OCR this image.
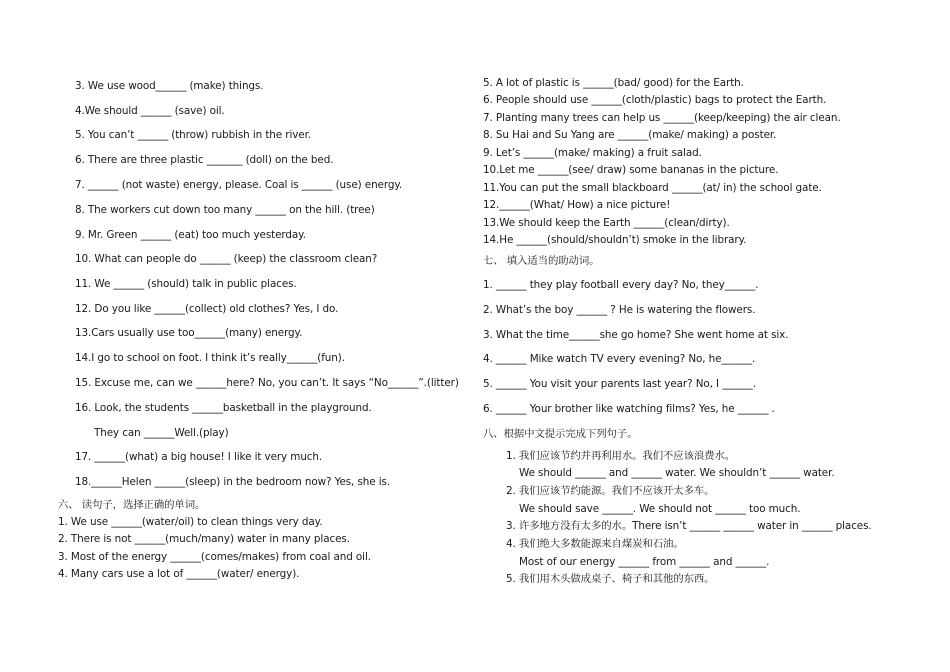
3. We use wood______ (make) things.
4.We should ______ (save) oil.
5. You can’t ______ (throw) rubbish in the river.
6. There are three plastic _______ (doll) on the bed.
7. ______ (not waste) energy, please. Coal is ______ (use) energy.
8. The workers cut down too many ______ on the hill. (tree)
9. Mr. Green ______ (eat) too much yesterday.
10. What can people do ______ (keep) the classroom clean?
11. We ______ (should) talk in public places.
12. Do you like ______(collect) old clothes? Yes, I do.
13.Cars usually use too______(many) energy.
14.I go to school on foot. I think it’s really______(fun).
15. Excuse me, can we ______here? No, you can’t. It says “No______”.(litter)
16. Look, the students ______basketball in the playground.
They can ______Well.(play)
17. ______(what) a big house! I like it very much.
18.______Helen ______(sleep) in the bedroom now? Yes, she is.
六、 读句子，选择正确的单词。
1. We use ______(water/oil) to clean things very day.
2. There is not ______(much/many) water in many places.
3. Most of the energy ______(comes/makes) from coal and oil.
4. Many cars use a lot of ______(water/ energy).
5. A lot of plastic is ______(bad/ good) for the Earth.
6. People should use ______(cloth/plastic) bags to protect the Earth.
7. Planting many trees can help us ______(keep/keeping) the air clean.
8. Su Hai and Su Yang are ______(make/ making) a poster.
9. Let’s ______(make/ making) a fruit salad.
10.Let me ______(see/ draw) some bananas in the picture.
11.You can put the small blackboard ______(at/ in) the school gate.
12.______(What/ How) a nice picture!
13.We should keep the Earth ______(clean/dirty).
14.He ______(should/shouldn’t) smoke in the library.
七、 填入适当的助动词。
1. ______ they play football every day? No, they______.
2. What’s the boy ______ ? He is watering the flowers.
3. What the time______she go home? She went home at six.
4. ______ Mike watch TV every evening? No, he______.
5. ______ You visit your parents last year? No, I ______.
6. ______ Your brother like watching films? Yes, he ______ .
八、根据中文提示完成下列句子。
1. 我们应该节约并再利用水。我们不应该浪费水。
We should ______ and ______ water. We shouldn’t ______ water.
2. 我们应该节约能源。我们不应该开太多车。
We should save ______. We should not ______ too much.
3. 许多地方没有太多的水。There isn’t ______ ______ water in ______ places.
4. 我们绝大多数能源来自煤炭和石油。
Most of our energy ______ from ______ and ______.
5. 我们用木头做成桌子、椅子和其他的东西。
